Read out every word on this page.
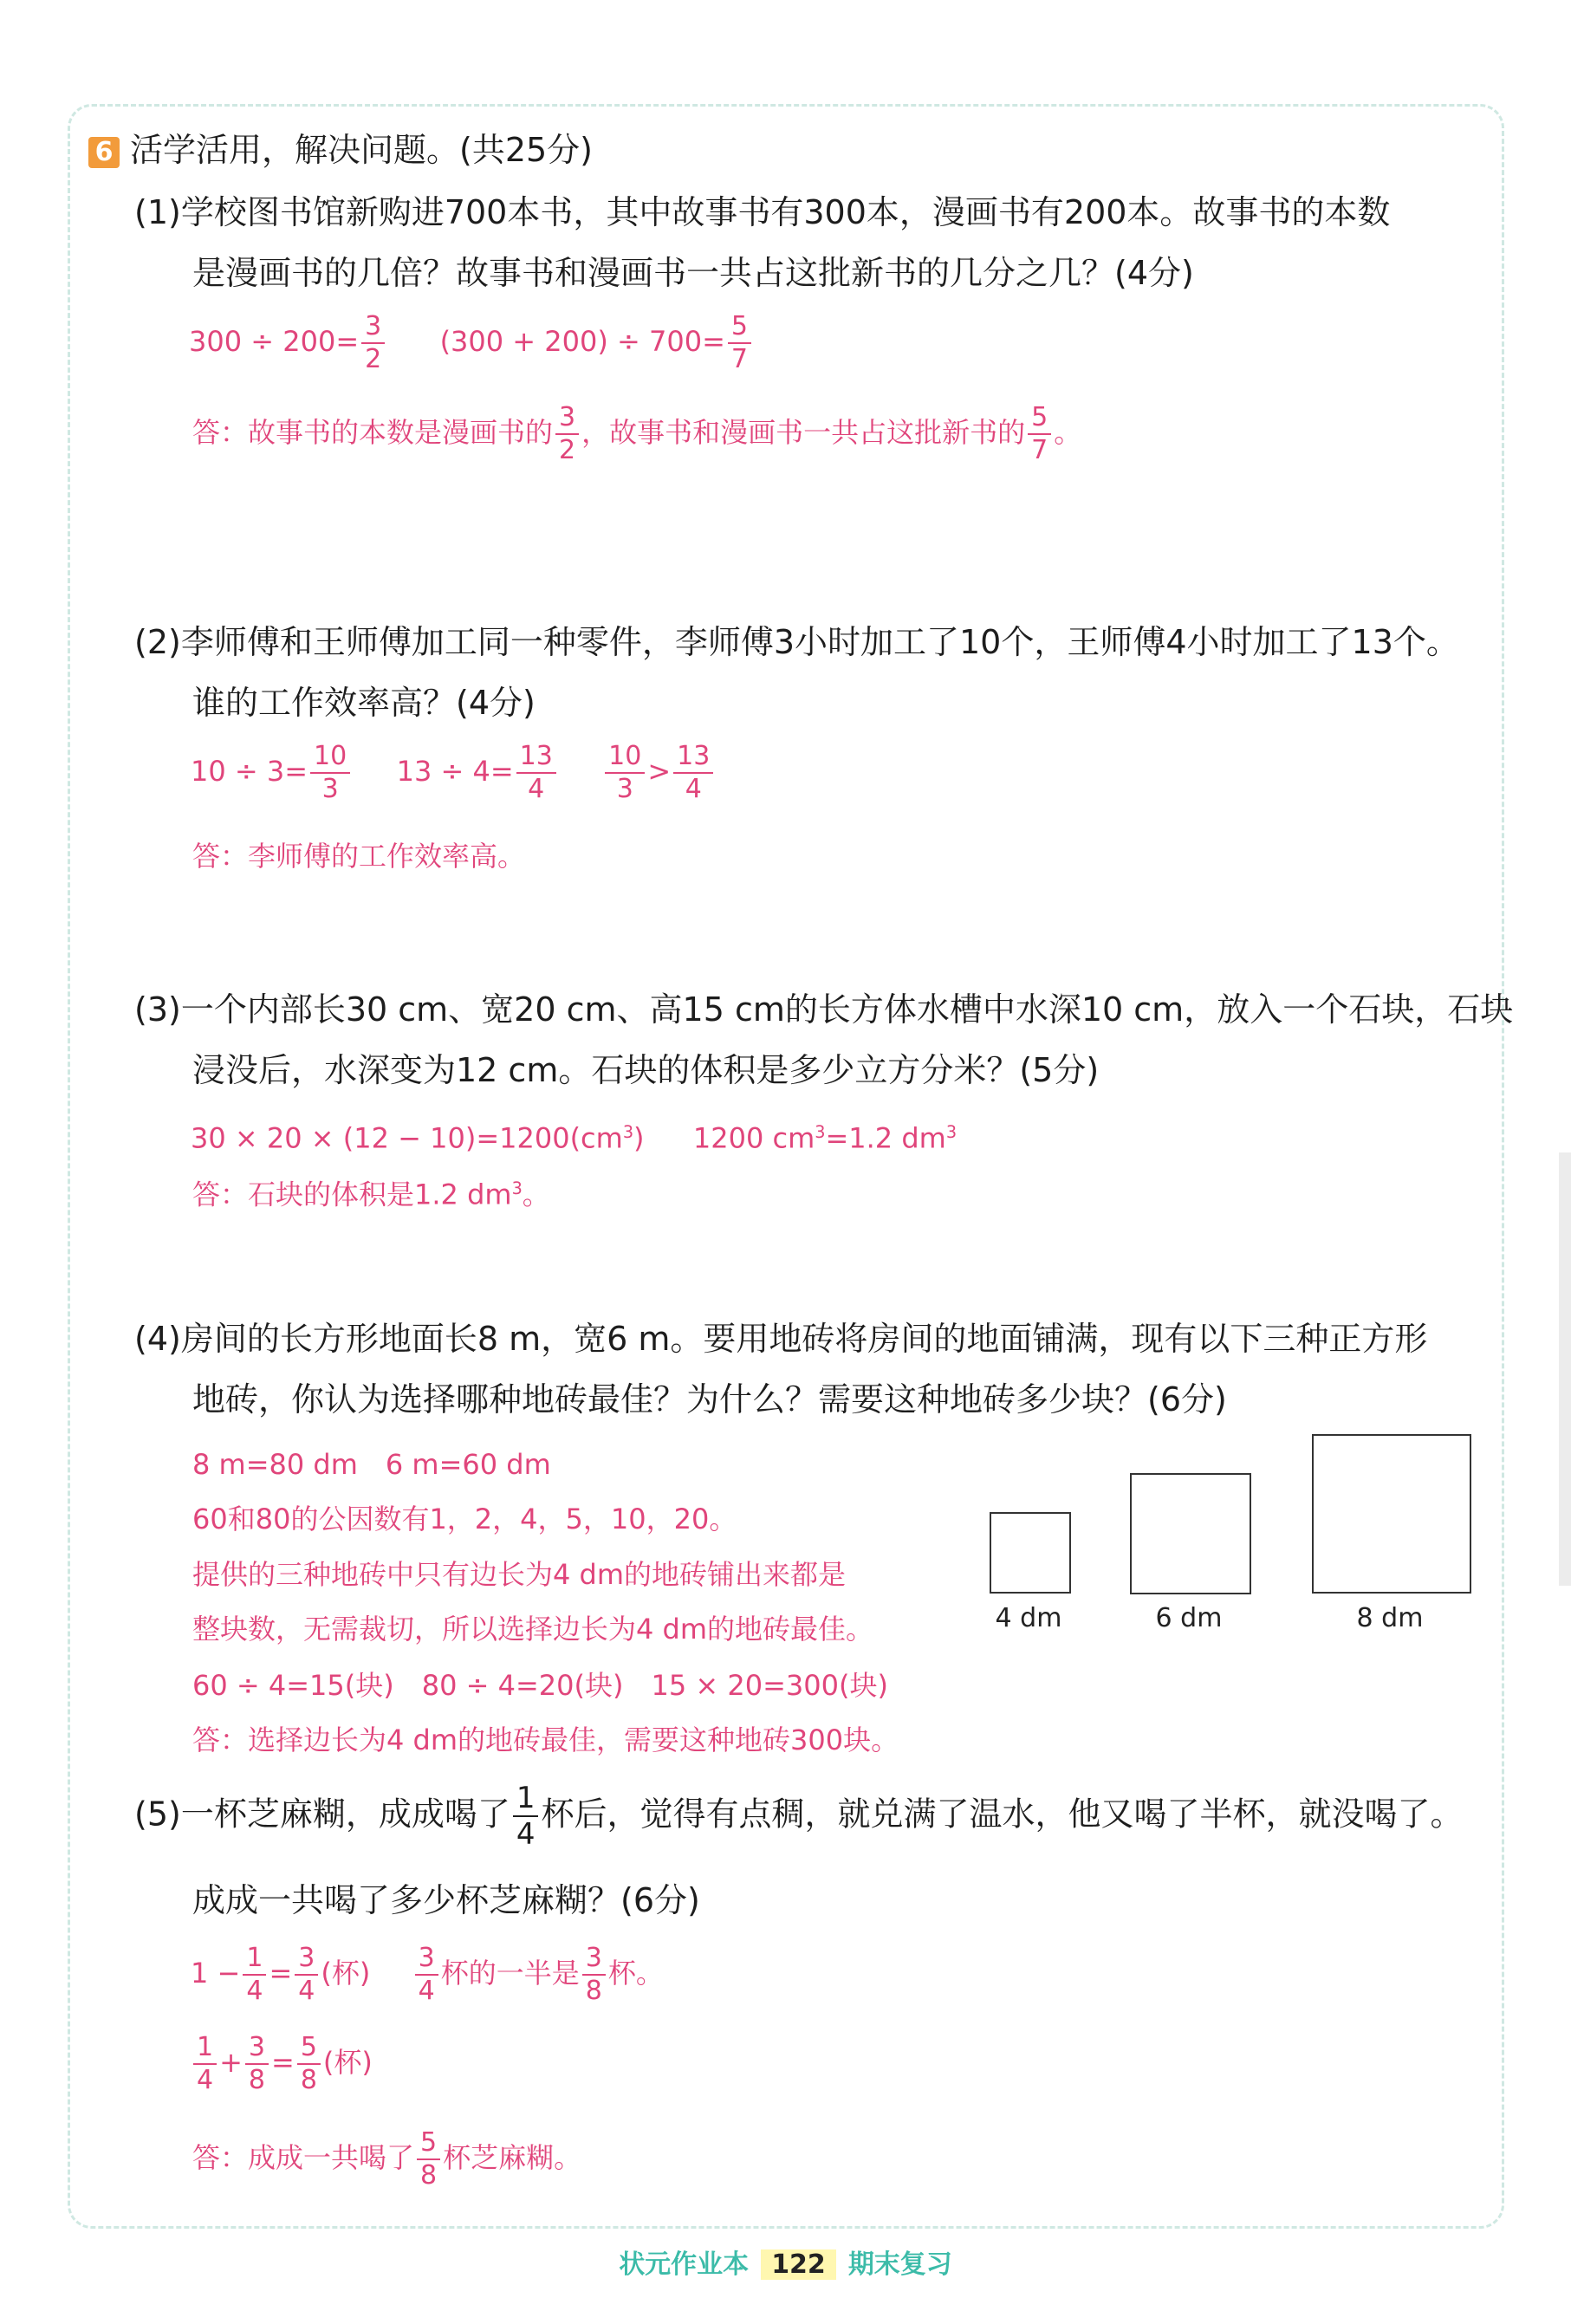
6 活学活用，解决问题。(共25分)
(1)学校图书馆新购进700本书，其中故事书有300本，漫画书有200本。故事书的本数
是漫画书的几倍？故事书和漫画书一共占这批新书的几分之几？(4分)
$300 \div 200= \frac{3}{2} (300 + 200) \div 700= \frac{5}{7}$
答：故事书的本数是漫画书的 $\frac{3}{2}$ ，故事书和漫画书一共占这批新书的 $\frac{5}{7}$ 。
(2)李师傅和王师傅加工同一种零件，李师傅3小时加工了10个，王师傅4小时加工了13个。
谁的工作效率高？(4分)
$10 \div 3= \frac{10}{3} 13 \div 4= \frac{13}{4}$
$\frac{10}{3} > \frac{13}{4}$
答：李师傅的工作效率高。
(3)一个内部长30 cm、宽20 cm、高15 cm的长方体水槽中水深10 cm，放入一个石块，石块
浸没后，水深变为12 cm。石块的体积是多少立方分米？(5分)
$30 \times 20 \times (12 - 10)=1200(cm^3)$ 1200 $cm^3=1.2$ $dm^3$
答：石块的体积是1.2 $dm^3$。
(4)房间的长方形地面长8 m，宽6 m。要用地砖将房间的地面铺满，现有以下三种正方形
地砖，你认为选择哪种地砖最佳？为什么？需要这种地砖多少块？(6分)
8 m=80 dm　6 m=60 dm
60和80的公因数有1，2，4，5，10，20。
提供的三种地砖中只有边长为4 dm的地砖铺出来都是
整块数，无需裁切，所以选择边长为4 dm的地砖最佳。
60 ÷ 4=15(块)　80 ÷ 4=20(块)　15 × 20=300(块)
答：选择边长为4 dm的地砖最佳，需要这种地砖300块。
4 dm	6 dm	8 dm
(5)一杯芝麻糊，成成喝了 $\frac{1}{4}$ 杯后，觉得有点稠，就兑满了温水，他又喝了半杯，就没喝了。
成成一共喝了多少杯芝麻糊？(6分)
$1 - \frac{1}{4} = \frac{3}{4}$ (杯) $\frac{3}{4}$ 杯的一半是 $\frac{3}{8}$ 杯。
$\frac{1}{4} + \frac{3}{8} = \frac{5}{8}$ (杯)
答：成成一共喝了 $\frac{5}{8}$ 杯芝麻糊。
状元作业本 122 期末复习
